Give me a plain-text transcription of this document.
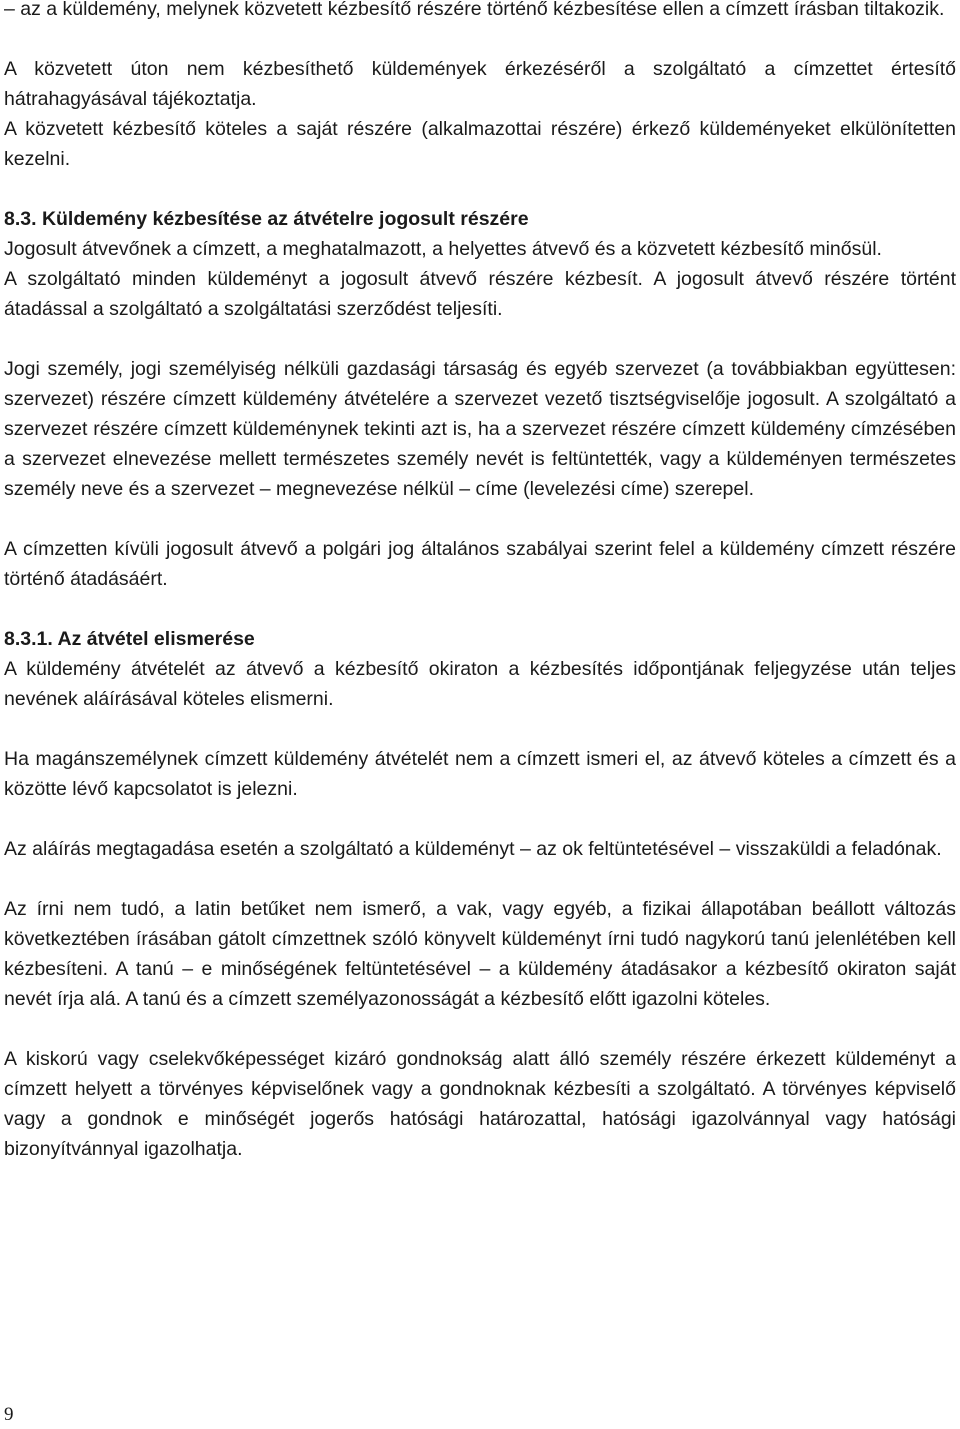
– az a küldemény, melynek közvetett kézbesítő részére történő kézbesítése ellen a címzett írásban tiltakozik.

A közvetett úton nem kézbesíthető küldemények érkezéséről a szolgáltató a címzettet értesítő hátrahagyásával tájékoztatja.

A közvetett kézbesítő köteles a saját részére (alkalmazottai részére) érkező küldeményeket elkülönítetten kezelni.

8.3. Küldemény kézbesítése az átvételre jogosult részére

Jogosult átvevőnek a címzett, a meghatalmazott, a helyettes átvevő és a közvetett kézbesítő minősül.

A szolgáltató minden küldeményt a jogosult átvevő részére kézbesít. A jogosult átvevő részére történt átadással a szolgáltató a szolgáltatási szerződést teljesíti.

Jogi személy, jogi személyiség nélküli gazdasági társaság és egyéb szervezet (a továbbiakban együttesen: szervezet) részére címzett küldemény átvételére a szervezet vezető tisztségviselője jogosult. A szolgáltató a szervezet részére címzett küldeménynek tekinti azt is, ha a szervezet részére címzett küldemény címzésében a szervezet elnevezése mellett természetes személy nevét is feltüntették, vagy a küldeményen természetes személy neve és a szervezet – megnevezése nélkül – címe (levelezési címe) szerepel.

A címzetten kívüli jogosult átvevő a polgári jog általános szabályai szerint felel a küldemény címzett részére történő átadásáért.

8.3.1. Az átvétel elismerése

A küldemény átvételét az átvevő a kézbesítő okiraton a kézbesítés időpontjának feljegyzése után teljes nevének aláírásával köteles elismerni.

Ha magánszemélynek címzett küldemény átvételét nem a címzett ismeri el, az átvevő köteles a címzett és a közötte lévő kapcsolatot is jelezni.

Az aláírás megtagadása esetén a szolgáltató a küldeményt – az ok feltüntetésével – visszaküldi a feladónak.

Az írni nem tudó, a latin betűket nem ismerő, a vak, vagy egyéb, a fizikai állapotában beállott változás következtében írásában gátolt címzettnek szóló könyvelt küldeményt írni tudó nagykorú tanú jelenlétében kell kézbesíteni. A tanú – e minőségének feltüntetésével – a küldemény átadásakor a kézbesítő okiraton saját nevét írja alá. A tanú és a címzett személyazonosságát a kézbesítő előtt igazolni köteles.

A kiskorú vagy cselekvőképességet kizáró gondnokság alatt álló személy részére érkezett küldeményt a címzett helyett a törvényes képviselőnek vagy a gondnoknak kézbesíti a szolgáltató. A törvényes képviselő vagy a gondnok e minőségét jogerős hatósági határozattal, hatósági igazolvánnyal vagy hatósági bizonyítvánnyal igazolhatja.

9
